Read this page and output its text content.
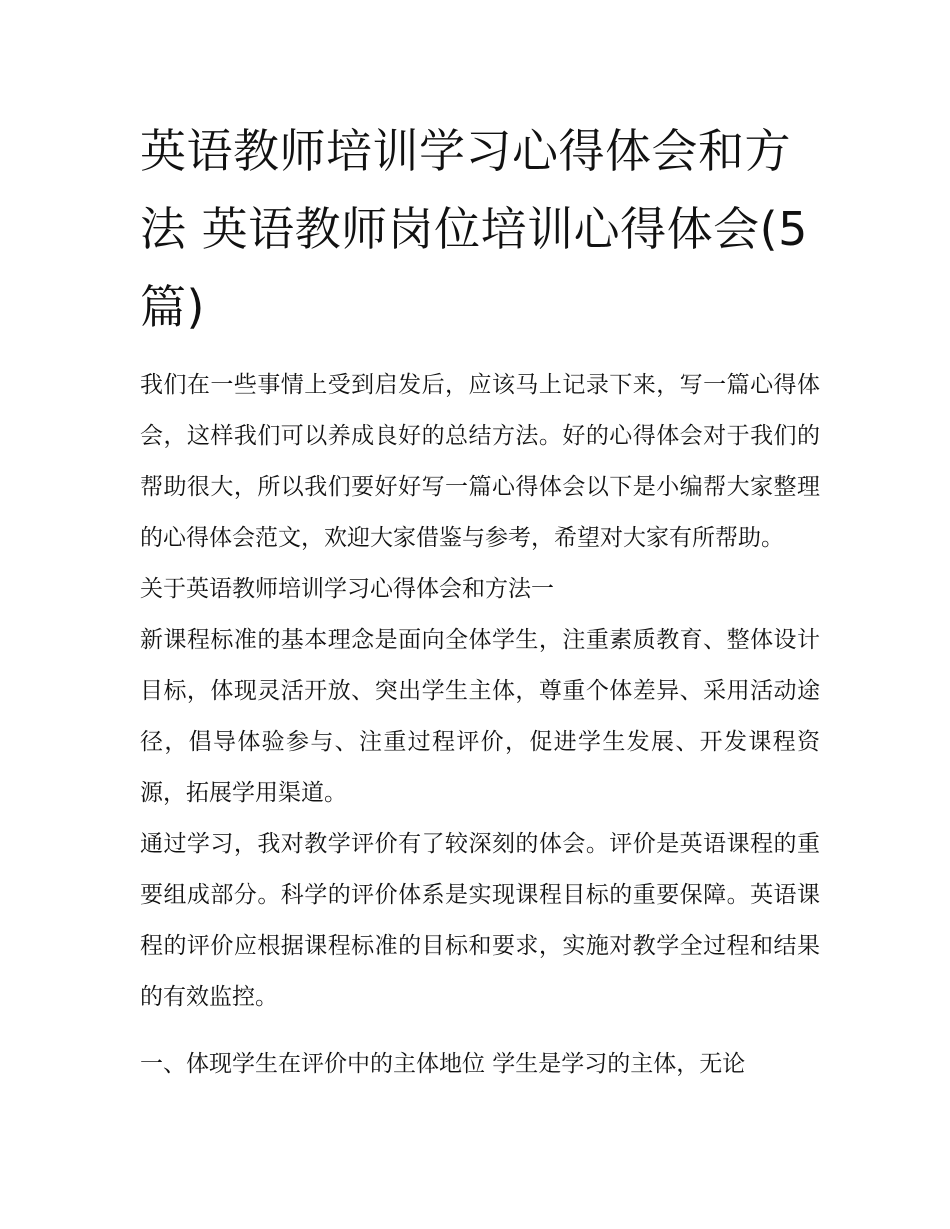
英语教师培训学习心得体会和方法 英语教师岗位培训心得体会(5篇)

我们在一些事情上受到启发后，应该马上记录下来，写一篇心得体会，这样我们可以养成良好的总结方法。好的心得体会对于我们的帮助很大，所以我们要好好写一篇心得体会以下是小编帮大家整理的心得体会范文，欢迎大家借鉴与参考，希望对大家有所帮助。

关于英语教师培训学习心得体会和方法一

新课程标准的基本理念是面向全体学生，注重素质教育、整体设计目标，体现灵活开放、突出学生主体，尊重个体差异、采用活动途径，倡导体验参与、注重过程评价，促进学生发展、开发课程资源，拓展学用渠道。

通过学习，我对教学评价有了较深刻的体会。评价是英语课程的重要组成部分。科学的评价体系是实现课程目标的重要保障。英语课程的评价应根据课程标准的目标和要求，实施对教学全过程和结果的有效监控。

一、体现学生在评价中的主体地位 学生是学习的主体，无论
